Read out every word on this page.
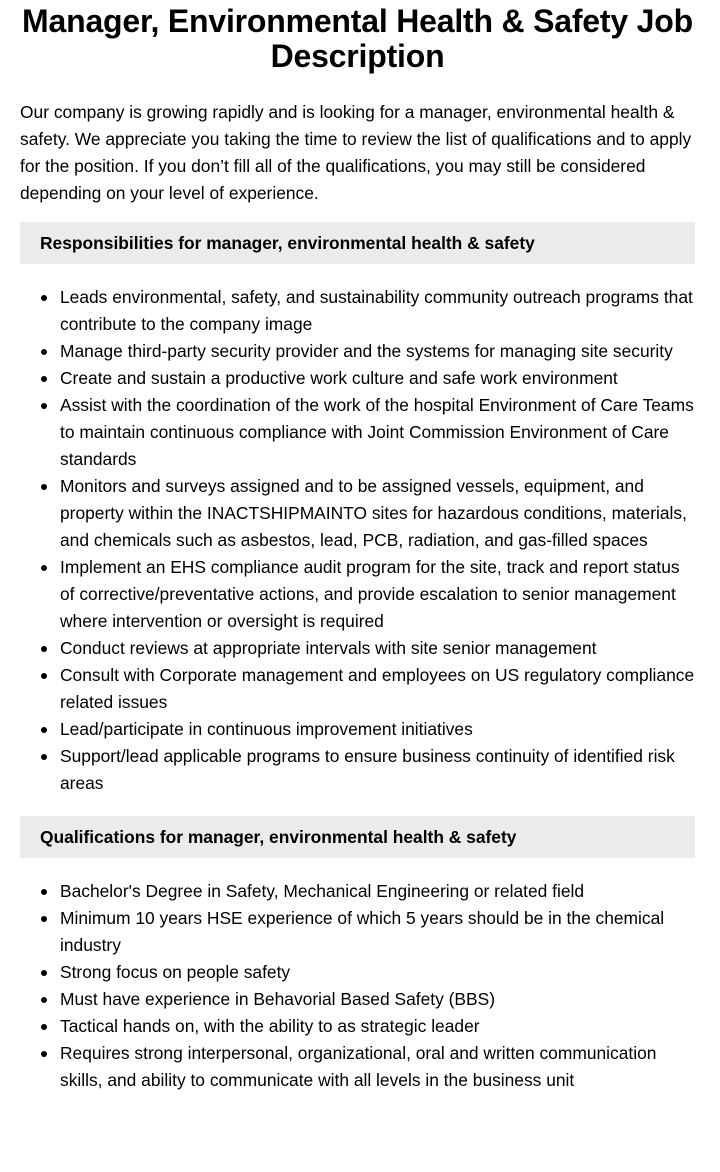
Manager, Environmental Health & Safety Job Description

Our company is growing rapidly and is looking for a manager, environmental health & safety. We appreciate you taking the time to review the list of qualifications and to apply for the position. If you don’t fill all of the qualifications, you may still be considered depending on your level of experience.

Responsibilities for manager, environmental health & safety
Leads environmental, safety, and sustainability community outreach programs that contribute to the company image
Manage third-party security provider and the systems for managing site security
Create and sustain a productive work culture and safe work environment
Assist with the coordination of the work of the hospital Environment of Care Teams to maintain continuous compliance with Joint Commission Environment of Care standards
Monitors and surveys assigned and to be assigned vessels, equipment, and property within the INACTSHIPMAINTO sites for hazardous conditions, materials, and chemicals such as asbestos, lead, PCB, radiation, and gas-filled spaces
Implement an EHS compliance audit program for the site, track and report status of corrective/preventative actions, and provide escalation to senior management where intervention or oversight is required
Conduct reviews at appropriate intervals with site senior management
Consult with Corporate management and employees on US regulatory compliance related issues
Lead/participate in continuous improvement initiatives
Support/lead applicable programs to ensure business continuity of identified risk areas
Qualifications for manager, environmental health & safety
Bachelor's Degree in Safety, Mechanical Engineering or related field
Minimum 10 years HSE experience of which 5 years should be in the chemical industry
Strong focus on people safety
Must have experience in Behavorial Based Safety (BBS)
Tactical hands on, with the ability to as strategic leader
Requires strong interpersonal, organizational, oral and written communication skills, and ability to communicate with all levels in the business unit
